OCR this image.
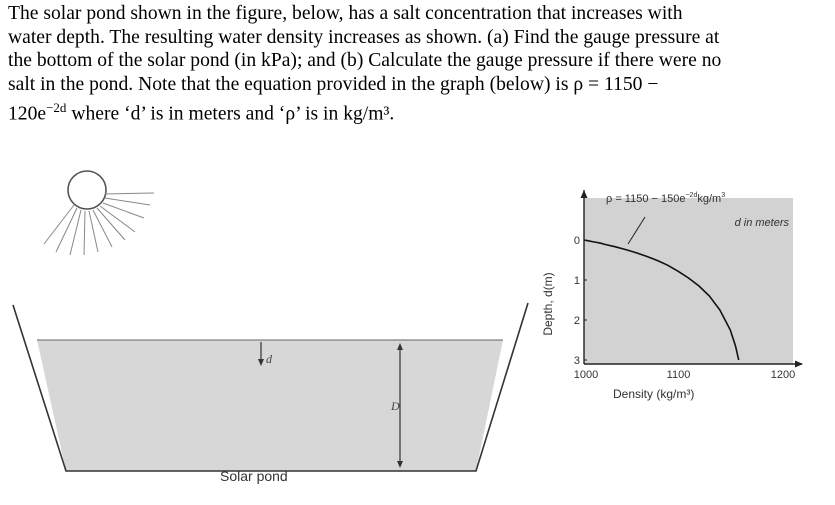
The solar pond shown in the figure, below, has a salt concentration that increases with

water depth. The resulting water density increases as shown. (a) Find the gauge pressure at

the bottom of the solar pond (in kPa); and (b) Calculate the gauge pressure if there were no

salt in the pond. Note that the equation provided in the graph (below) is ρ = 1150 −

$120e^{-2d}$ where ‘d’ is in meters and ‘ρ’ is in kg/m³.

d
D
Solar pond
$\rho = 1150 - 150e^{-2d}kg/m^3$
d in meters
Depth, d(m)
0
1
2
3
1000	1100	1200
Density (kg/m³)
